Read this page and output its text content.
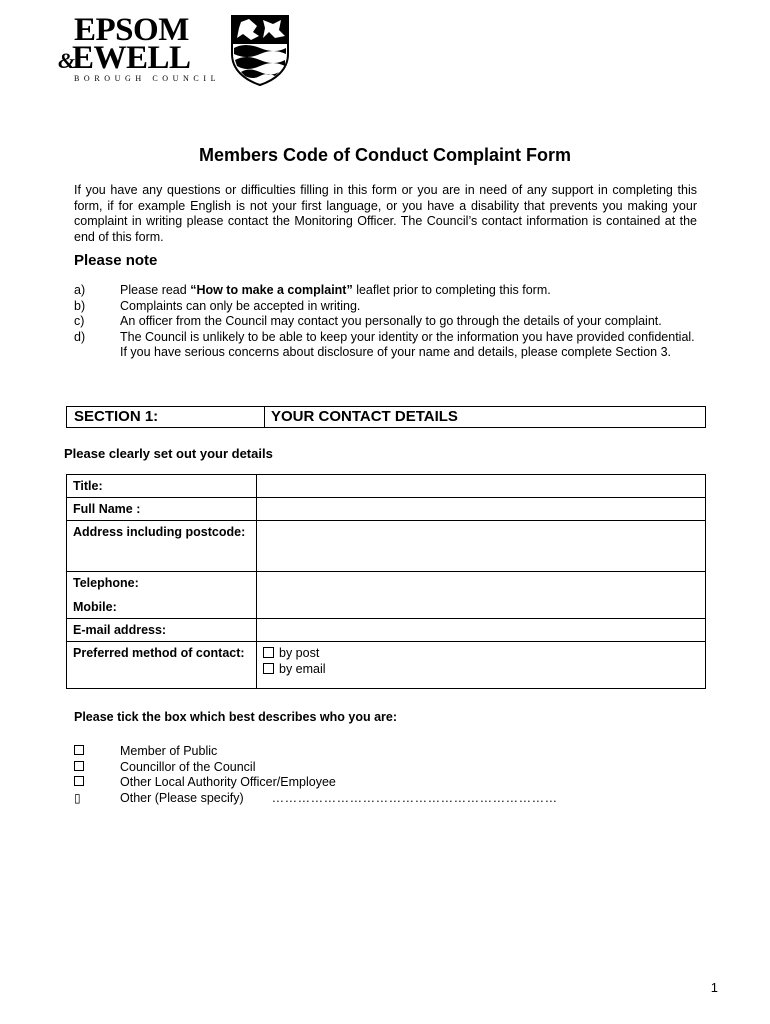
EPSOM
&
EWELL
BOROUGH COUNCIL
Members Code of Conduct Complaint Form
If you have any questions or difficulties filling in this form or you are in need of any support in completing this form, if for example English is not your first language, or you have a disability that prevents you making your complaint in writing please contact the Monitoring Officer. The Council’s contact information is contained at the end of this form.
Please note
a)	Please read “How to make a complaint” leaflet prior to completing this form.
b)	Complaints can only be accepted in writing.
c)	An officer from the Council may contact you personally to go through the details of your complaint.
d)	The Council is unlikely to be able to keep your identity or the information you have provided confidential. If you have serious concerns about disclosure of your name and details, please complete Section 3.
SECTION 1:	YOUR CONTACT DETAILS
Please clearly set out your details
Title:	
Full Name :	
Address including postcode:	

Telephone:
Mobile:	

E-mail address:	
Preferred method of contact:	by post
by email
Please tick the box which best describes who you are:
Member of Public
Councillor of the Council
Other Local Authority Officer/Employee
▯	Other (Please specify) …………………………………………………………
1
